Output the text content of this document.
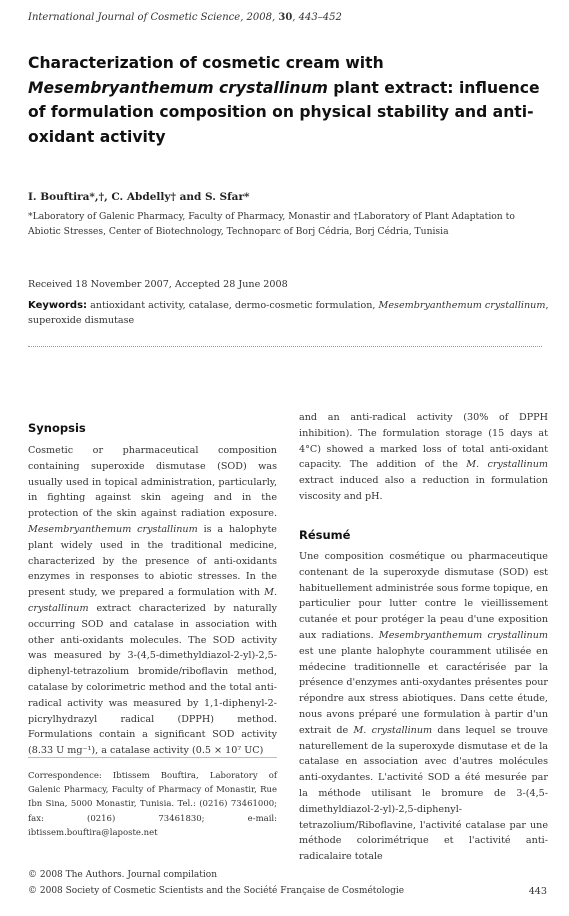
International Journal of Cosmetic Science, 2008, 30, 443–452
Characterization of cosmetic cream with
Mesembryanthemum crystallinum plant extract: influence of formulation composition on physical stability and anti-oxidant activity
I. Bouftira*,†, C. Abdelly† and S. Sfar*
*Laboratory of Galenic Pharmacy, Faculty of Pharmacy, Monastir and †Laboratory of Plant Adaptation to Abiotic Stresses, Center of Biotechnology, Technoparc of Borj Cédria, Borj Cédria, Tunisia
Received 18 November 2007, Accepted 28 June 2008
Keywords: antioxidant activity, catalase, dermo-cosmetic formulation, Mesembryanthemum crystallinum, superoxide dismutase
Synopsis
Cosmetic or pharmaceutical composition containing superoxide dismutase (SOD) was usually used in topical administration, particularly, in fighting against skin ageing and in the protection of the skin against radiation exposure. Mesembryanthemum crystallinum is a halophyte plant widely used in the traditional medicine, characterized by the presence of anti-oxidants enzymes in responses to abiotic stresses. In the present study, we prepared a formulation with M. crystallinum extract characterized by naturally occurring SOD and catalase in association with other anti-oxidants molecules. The SOD activity was measured by 3-(4,5-dimethyldiazol-2-yl)-2,5-diphenyl-tetrazolium bromide/riboflavin method, catalase by colorimetric method and the total anti-radical activity was measured by 1,1-diphenyl-2-picrylhydrazyl radical (DPPH) method. Formulations contain a significant SOD activity (8.33 U mg⁻¹), a catalase activity (0.5 × 10⁷ UC)
Correspondence: Ibtissem Bouftira, Laboratory of Galenic Pharmacy, Faculty of Pharmacy of Monastir, Rue Ibn Sina, 5000 Monastir, Tunisia. Tel.: (0216) 73461000; fax: (0216) 73461830; e-mail: ibtissem.bouftira@laposte.net
and an anti-radical activity (30% of DPPH inhibition). The formulation storage (15 days at 4°C) showed a marked loss of total anti-oxidant capacity. The addition of the M. crystallinum extract induced also a reduction in formulation viscosity and pH.
Résumé
Une composition cosmétique ou pharmaceutique contenant de la superoxyde dismutase (SOD) est habituellement administrée sous forme topique, en particulier pour lutter contre le vieillissement cutanée et pour protéger la peau d'une exposition aux radiations. Mesembryanthemum crystallinum est une plante halophyte couramment utilisée en médecine traditionnelle et caractérisée par la présence d'enzymes anti-oxydantes présentes pour répondre aux stress abiotiques. Dans cette étude, nous avons préparé une formulation à partir d'un extrait de M. crystallinum dans lequel se trouve naturellement de la superoxyde dismutase et de la catalase en association avec d'autres molécules anti-oxydantes. L'activité SOD a été mesurée par la méthode utilisant le bromure de 3-(4,5-dimethyldiazol-2-yl)-2,5-diphenyl-tetrazolium/Riboflavine, l'activité catalase par une méthode colorimétrique et l'activité anti-radicalaire totale
© 2008 The Authors. Journal compilation
© 2008 Society of Cosmetic Scientists and the Société Française de Cosmétologie	443
